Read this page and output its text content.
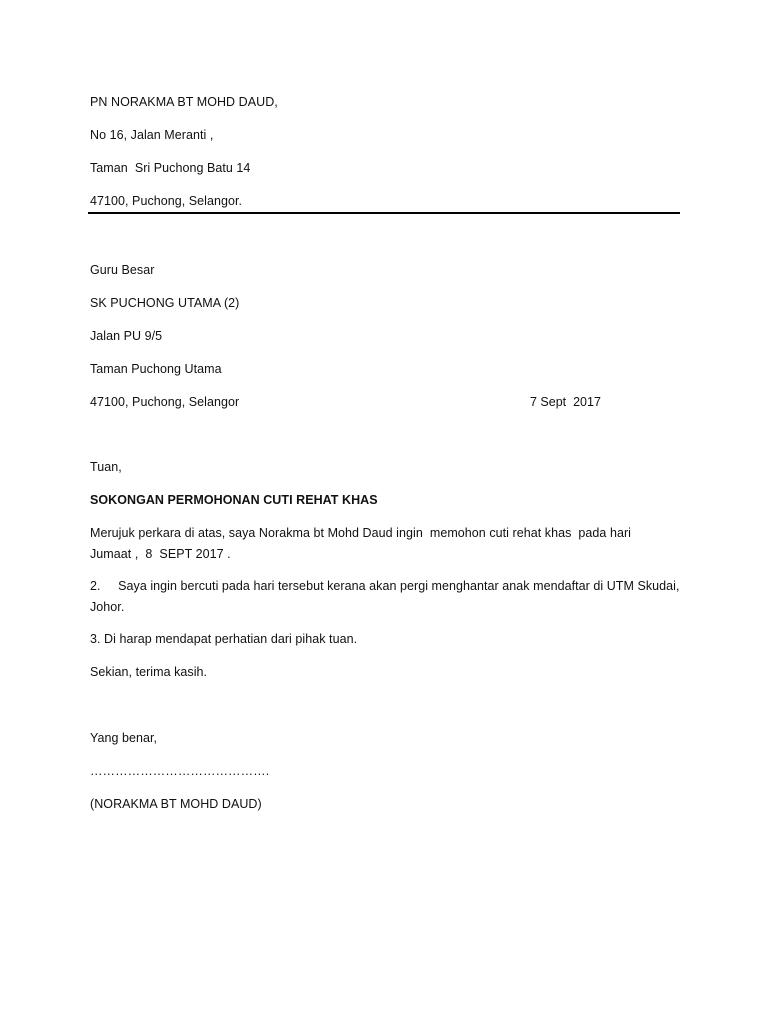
PN NORAKMA BT MOHD DAUD,
No 16, Jalan Meranti ,
Taman  Sri Puchong Batu 14
47100, Puchong, Selangor.
Guru Besar
SK PUCHONG UTAMA (2)
Jalan PU 9/5
Taman Puchong Utama
47100, Puchong, Selangor	7 Sept  2017
Tuan,
SOKONGAN PERMOHONAN CUTI REHAT KHAS
Merujuk perkara di atas, saya Norakma bt Mohd Daud ingin  memohon cuti rehat khas  pada hari
Jumaat ,  8  SEPT 2017 .
2.     Saya ingin bercuti pada hari tersebut kerana akan pergi menghantar anak mendaftar di UTM Skudai,
Johor.
3. Di harap mendapat perhatian dari pihak tuan.
Sekian, terima kasih.
Yang benar,
…………………………………….
(NORAKMA BT MOHD DAUD)
